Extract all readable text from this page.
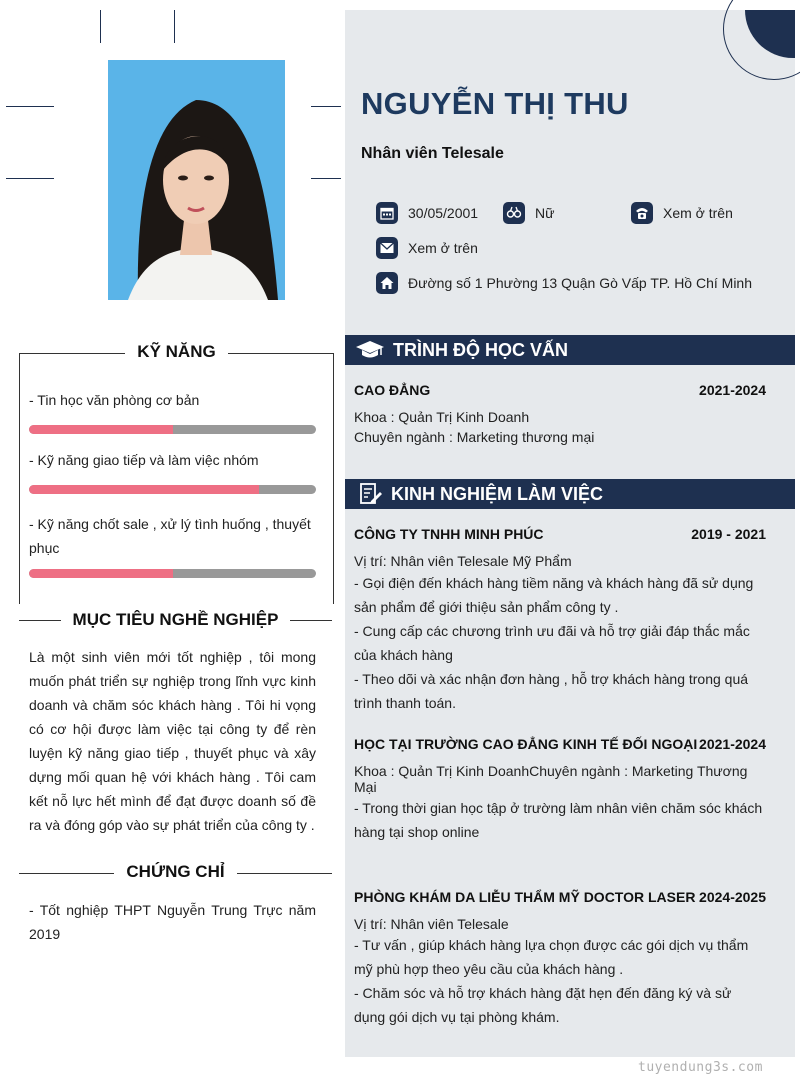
NGUYỄN THỊ THU
Nhân viên Telesale
30/05/2001	Nữ	Xem ở trên
Xem ở trên
Đường số 1 Phường 13 Quận Gò Vấp TP. Hồ Chí Minh
KỸ NĂNG
- Tin học văn phòng cơ bản
- Kỹ năng giao tiếp và làm việc nhóm
- Kỹ năng chốt sale , xử lý tình huống , thuyết phục
MỤC TIÊU NGHỀ NGHIỆP
Là một sinh viên mới tốt nghiệp , tôi mong muốn phát triển sự nghiệp trong lĩnh vực kinh doanh và chăm sóc khách hàng . Tôi hi vọng có cơ hội được làm việc tại công ty để rèn luyện kỹ năng giao tiếp , thuyết phục và xây dựng mối quan hệ với khách hàng . Tôi cam kết nỗ lực hết mình để đạt được doanh số đề ra và đóng góp vào sự phát triển của công ty .
CHỨNG CHỈ
- Tốt nghiệp THPT Nguyễn Trung Trực năm 2019
TRÌNH ĐỘ HỌC VẤN
CAO ĐẲNG	2021-2024
Khoa : Quản Trị Kinh Doanh
Chuyên ngành : Marketing thương mại
KINH NGHIỆM LÀM VIỆC
CÔNG TY TNHH MINH PHÚC	2019 - 2021
Vị trí: Nhân viên Telesale Mỹ Phẩm
- Gọi điện đến khách hàng tiềm năng và khách hàng đã sử dụng sản phẩm để giới thiệu sản phẩm công ty .
- Cung cấp các chương trình ưu đãi và hỗ trợ giải đáp thắc mắc của khách hàng
- Theo dõi và xác nhận đơn hàng , hỗ trợ khách hàng trong quá trình thanh toán.
HỌC TẠI TRƯỜNG CAO ĐẲNG KINH TẾ ĐỐI NGOẠI 2021-2024
Khoa : Quản Trị Kinh DoanhChuyên ngành : Marketing Thương Mại
- Trong thời gian học tập ở trường làm nhân viên chăm sóc khách hàng tại shop online
PHÒNG KHÁM DA LIỄU THẨM MỸ DOCTOR LASER 2024-2025
Vị trí: Nhân viên Telesale
- Tư vấn , giúp khách hàng lựa chọn được các gói dịch vụ thẩm mỹ phù hợp theo yêu cầu của khách hàng .
- Chăm sóc và hỗ trợ khách hàng đặt hẹn đến đăng ký và sử dụng gói dịch vụ tại phòng khám.
tuyendung3s.com
